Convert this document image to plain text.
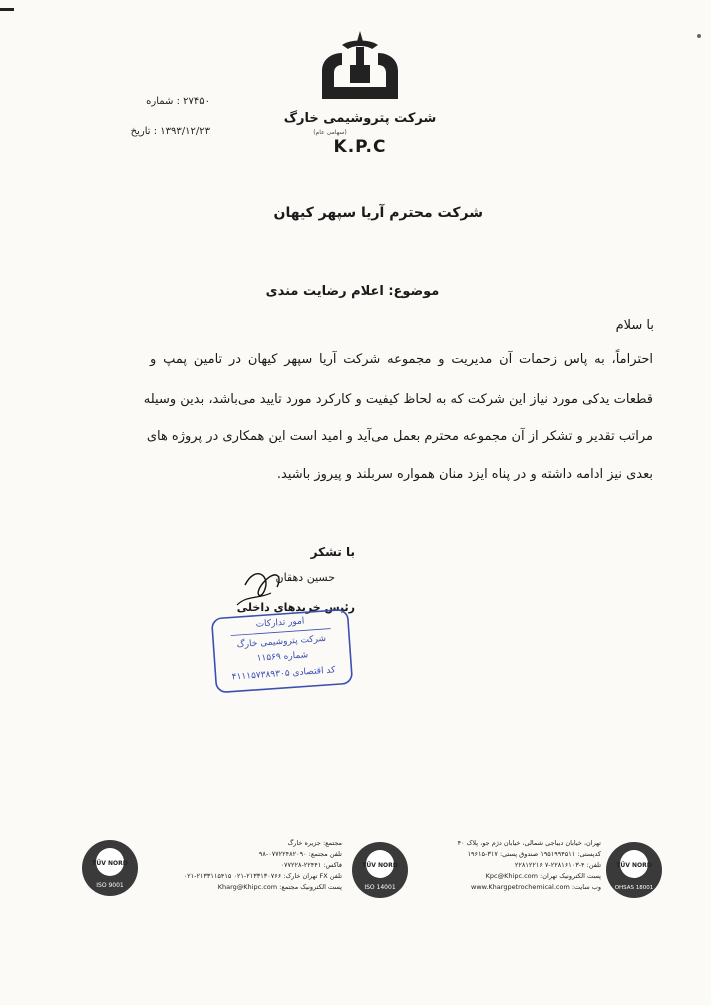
۲۷۴۵۰ : شماره
۱۳۹۳/۱۲/۲۳ : تاریخ
شرکت پتروشیمی خارگ
(سهامی عام)
K.P.C
شرکت محترم آریا سپهر کیهان
موضوع: اعلام رضایت مندی
با سلام
احتراماً، به پاس زحمات آن مدیریت و مجموعه شرکت آریا سپهر کیهان در تامین پمپ و
قطعات یدکی مورد نیاز این شرکت که به لحاظ کیفیت و کارکرد مورد تایید می‌باشد، بدین وسیله
مراتب تقدیر و تشکر از آن مجموعه محترم بعمل می‌آید و امید است این همکاری در پروژه های
بعدی نیز ادامه داشته و در پناه ایزد منان همواره سربلند و پیروز باشید.
با تشکر
حسین دهقان
رئیس خریدهای داخلی
امور تدارکات
شرکت پتروشیمی خارگ
شماره ۱۱۵۶۹
کد اقتصادی ۴۱۱۱۵۷۳۸۹۳۰۵
TÜV NORD
ISO 9001
TÜV NORD
ISO 14001
TÜV NORD
OHSAS 18001
مجتمع: جزیره خارگ
تلفن مجتمع: ۰۷۷۲۲۴۸۲۰۹۰-۹۸
فاکس: ۲۲۴۴۱-۰۷۷۲۲۸
تلفن FX تهران خارک: ۲۱۳۳۱۳۰۷۶۶-۰۲۱ ۲۱۳۳۱۱۵۴۱۵-۰۲۱
پست الکترونیک مجتمع: Kharg@Khipc.com
تهران، خیابان دیباجی شمالی، خیابان دژم جو، پلاک ۴۰
کدپستی: ۱۹۵۱۹۹۴۵۱۱ صندوق پستی: ۳۱۷-۱۹۶۱۵
تلفن: ۴-۲۲۸۱۶۱۰۳-۷ ۲۲۸۱۲۲۱۶
پست الکترونیک تهران: Kpc@Khipc.com
وب سایت: www.Khargpetrochemical.com
